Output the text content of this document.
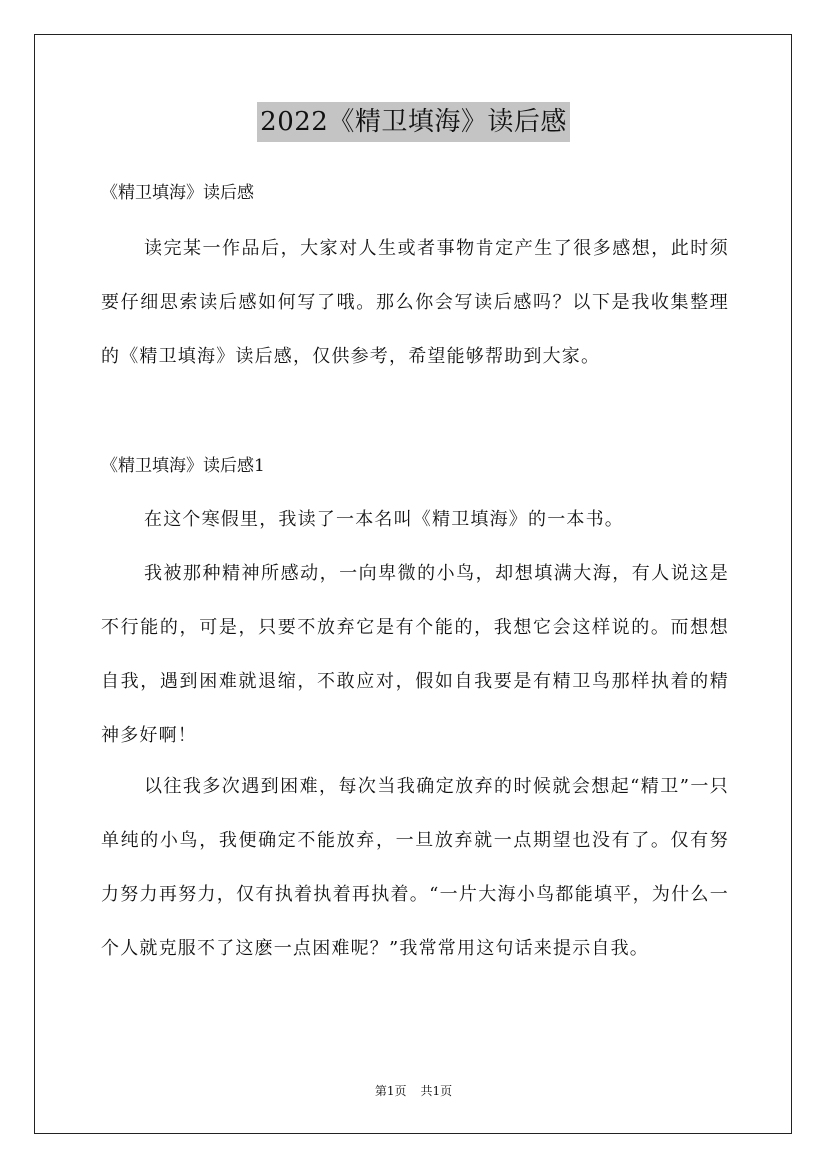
2022《精卫填海》读后感
《精卫填海》读后感

读完某一作品后，大家对人生或者事物肯定产生了很多感想，此时须要仔细思索读后感如何写了哦。那么你会写读后感吗？以下是我收集整理的《精卫填海》读后感，仅供参考，希望能够帮助到大家。

《精卫填海》读后感1

在这个寒假里，我读了一本名叫《精卫填海》的一本书。

我被那种精神所感动，一向卑微的小鸟，却想填满大海，有人说这是不行能的，可是，只要不放弃它是有个能的，我想它会这样说的。而想想自我，遇到困难就退缩，不敢应对，假如自我要是有精卫鸟那样执着的精神多好啊！

以往我多次遇到困难，每次当我确定放弃的时候就会想起“精卫”一只单纯的小鸟，我便确定不能放弃，一旦放弃就一点期望也没有了。仅有努力努力再努力，仅有执着执着再执着。“一片大海小鸟都能填平，为什么一个人就克服不了这麽一点困难呢？”我常常用这句话来提示自我。

第1页 共1页
